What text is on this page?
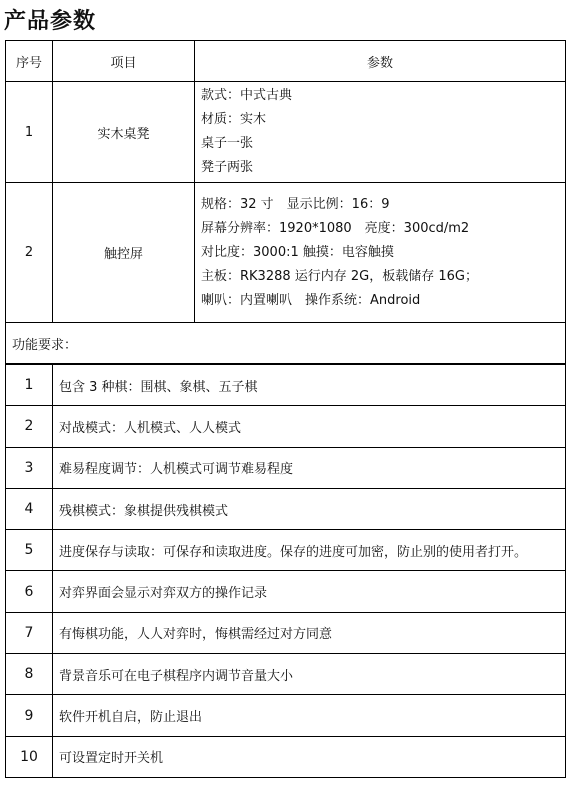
产品参数
序号	项目	参数
1	实木桌凳	款式：中式古典
材质：实木
桌子一张
凳子两张

2	触控屏	规格：32 寸　显示比例：16：9
屏幕分辨率：1920*1080　亮度：300cd/m2
对比度：3000:1 触摸：电容触摸
主板：RK3288 运行内存 2G，板载储存 16G；
喇叭：内置喇叭　操作系统：Android

功能要求：		
1	包含 3 种棋：围棋、象棋、五子棋
2	对战模式：人机模式、人人模式
3	难易程度调节：人机模式可调节难易程度
4	残棋模式：象棋提供残棋模式
5	进度保存与读取：可保存和读取进度。保存的进度可加密，防止别的使用者打开。
6	对弈界面会显示对弈双方的操作记录
7	有悔棋功能，人人对弈时，悔棋需经过对方同意
8	背景音乐可在电子棋程序内调节音量大小
9	软件开机自启，防止退出
10	可设置定时开关机
